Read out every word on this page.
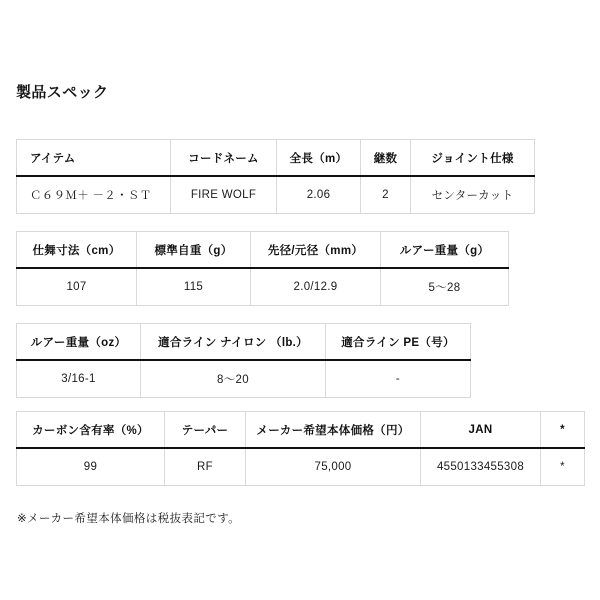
製品スペック
アイテム	コードネーム	全長（m）	継数	ジョイント仕様
Ｃ６９Ｍ＋ －２・ＳＴ	FIRE WOLF	2.06	2	センターカット
仕舞寸法（cm）	標準自重（g）	先径/元径（mm）	ルアー重量（g）
107	115	2.0/12.9	5〜28
ルアー重量（oz）	適合ライン ナイロン （lb.）	適合ライン PE（号）
3/16-1	8〜20	-
カーボン含有率（%）	テーパー	メーカー希望本体価格（円）	JAN	*
99	RF	75,000	4550133455308	*
※メーカー希望本体価格は税抜表記です。
